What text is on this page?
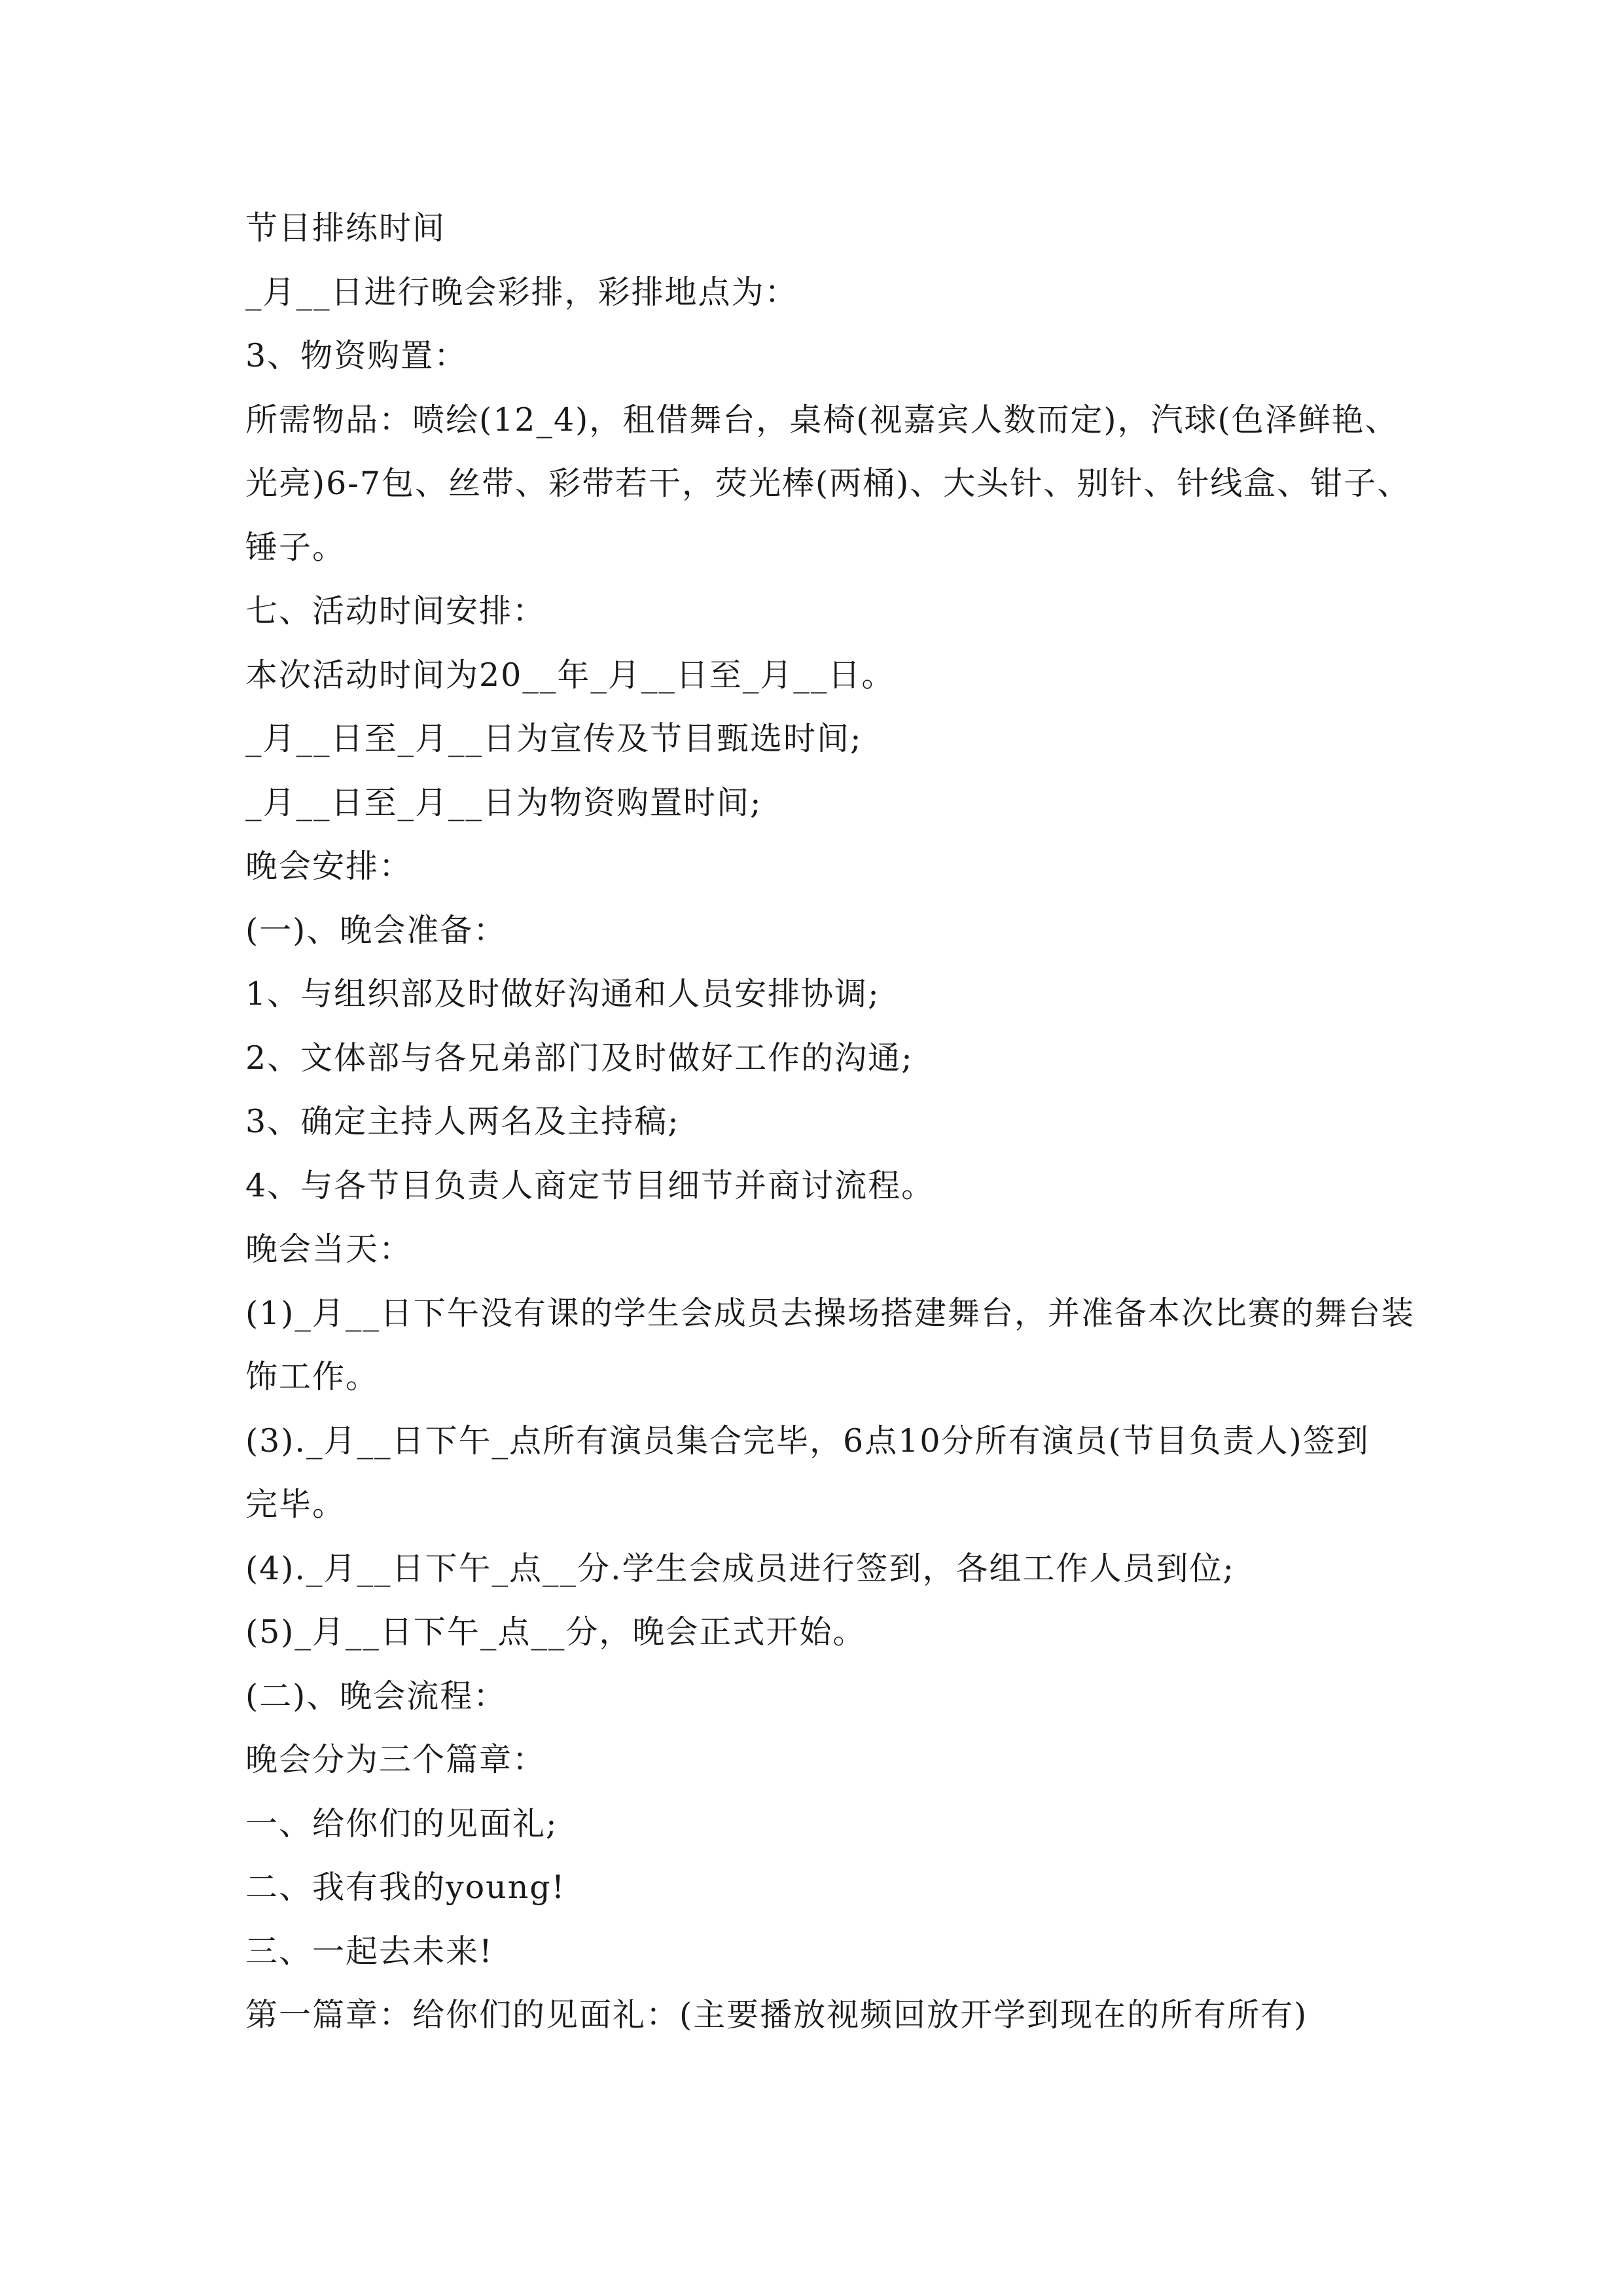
节目排练时间

_月__日进行晚会彩排，彩排地点为：

3、物资购置：

所需物品：喷绘(12_4)，租借舞台，桌椅(视嘉宾人数而定)，汽球(色泽鲜艳、

光亮)6-7包、丝带、彩带若干，荧光棒(两桶)、大头针、别针、针线盒、钳子、

锤子。

七、活动时间安排：

本次活动时间为20__年_月__日至_月__日。

_月__日至_月__日为宣传及节目甄选时间;

_月__日至_月__日为物资购置时间;

晚会安排：

(一)、晚会准备：

1、与组织部及时做好沟通和人员安排协调;

2、文体部与各兄弟部门及时做好工作的沟通;

3、确定主持人两名及主持稿;

4、与各节目负责人商定节目细节并商讨流程。

晚会当天：

(1)_月__日下午没有课的学生会成员去操场搭建舞台，并准备本次比赛的舞台装

饰工作。

(3)._月__日下午_点所有演员集合完毕，6点10分所有演员(节目负责人)签到

完毕。

(4)._月__日下午_点__分.学生会成员进行签到，各组工作人员到位;

(5)_月__日下午_点__分，晚会正式开始。

(二)、晚会流程：

晚会分为三个篇章：

一、给你们的见面礼;

二、我有我的young!

三、一起去未来!

第一篇章：给你们的见面礼：(主要播放视频回放开学到现在的所有所有)
